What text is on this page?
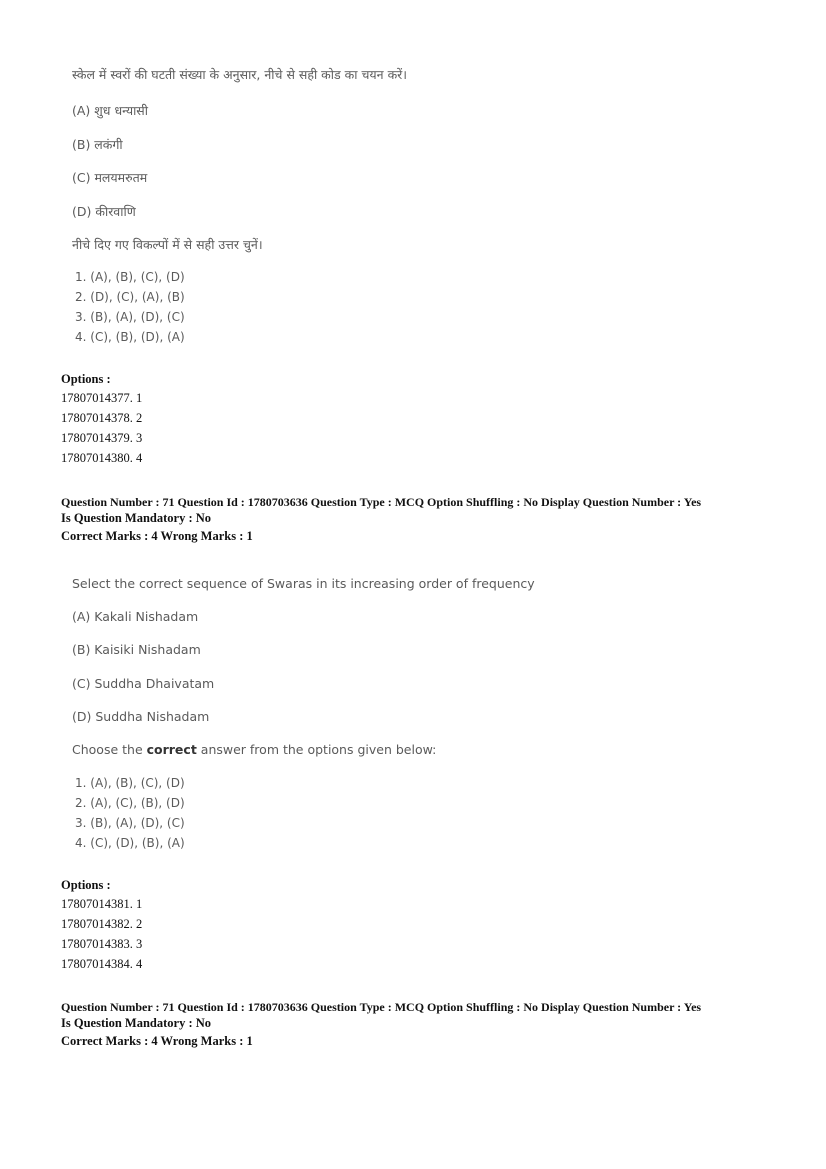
स्केल में स्वरों की घटती संख्या के अनुसार, नीचे से सही कोड का चयन करें।
(A) शुध धन्यासी
(B) लकंगी
(C) मलयमरुतम
(D) कीरवाणि
नीचे दिए गए विकल्पों में से सही उत्तर चुनें।
1. (A), (B), (C), (D)
2. (D), (C), (A), (B)
3. (B), (A), (D), (C)
4. (C), (B), (D), (A)
Options :
17807014377. 1
17807014378. 2
17807014379. 3
17807014380. 4
Question Number : 71 Question Id : 1780703636 Question Type : MCQ Option Shuffling : No Display Question Number : Yes
Is Question Mandatory : No
Correct Marks : 4 Wrong Marks : 1
Select the correct sequence of Swaras in its increasing order of frequency
(A) Kakali Nishadam
(B) Kaisiki Nishadam
(C) Suddha Dhaivatam
(D) Suddha Nishadam
Choose the correct answer from the options given below:
1. (A), (B), (C), (D)
2. (A), (C), (B), (D)
3. (B), (A), (D), (C)
4. (C), (D), (B), (A)
Options :
17807014381. 1
17807014382. 2
17807014383. 3
17807014384. 4
Question Number : 71 Question Id : 1780703636 Question Type : MCQ Option Shuffling : No Display Question Number : Yes
Is Question Mandatory : No
Correct Marks : 4 Wrong Marks : 1
